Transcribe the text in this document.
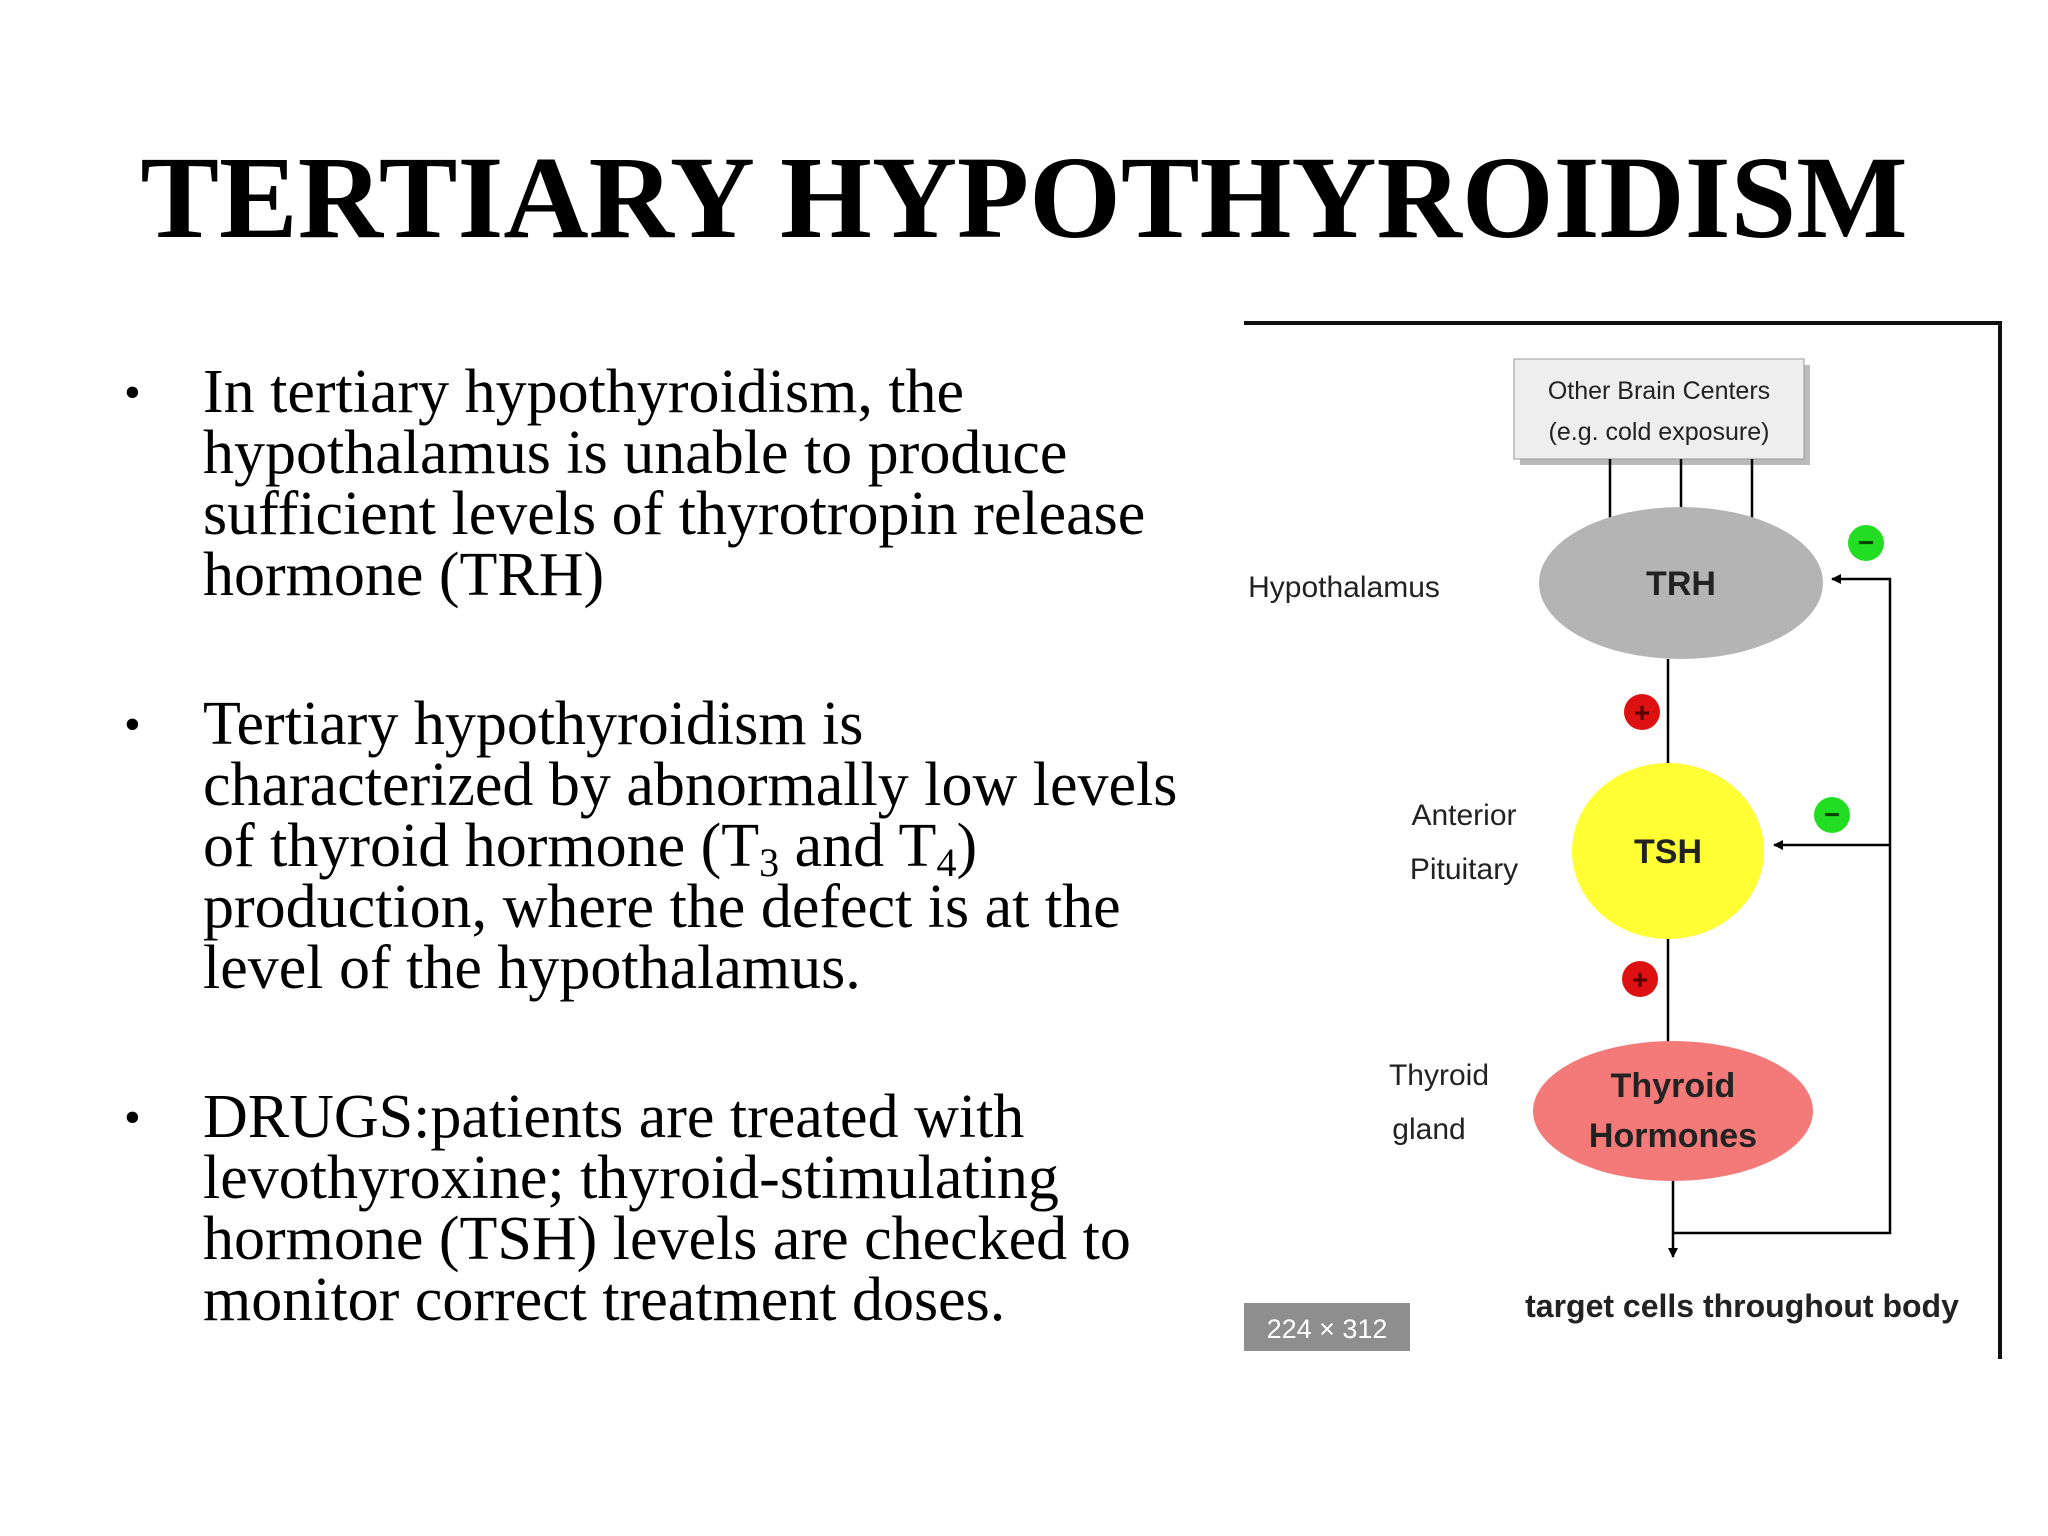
TERTIARY HYPOTHYROIDISM
• In tertiary hypothyroidism, the hypothalamus is unable to produce sufficient levels of thyrotropin release hormone (TRH)
• Tertiary hypothyroidism is characterized by abnormally low levels of thyroid hormone ($T_3$ and $T_4$) production, where the defect is at the level of the hypothalamus.
• DRUGS:patients are treated with levothyroxine; thyroid-stimulating hormone (TSH) levels are checked to monitor correct treatment doses.
Other Brain Centers
(e.g. cold exposure)
TRH
Hypothalamus
+
TSH
Anterior
Pituitary
+
Thyroid
Hormones
Thyroid
gland
−
−
target cells throughout body
224 × 312
